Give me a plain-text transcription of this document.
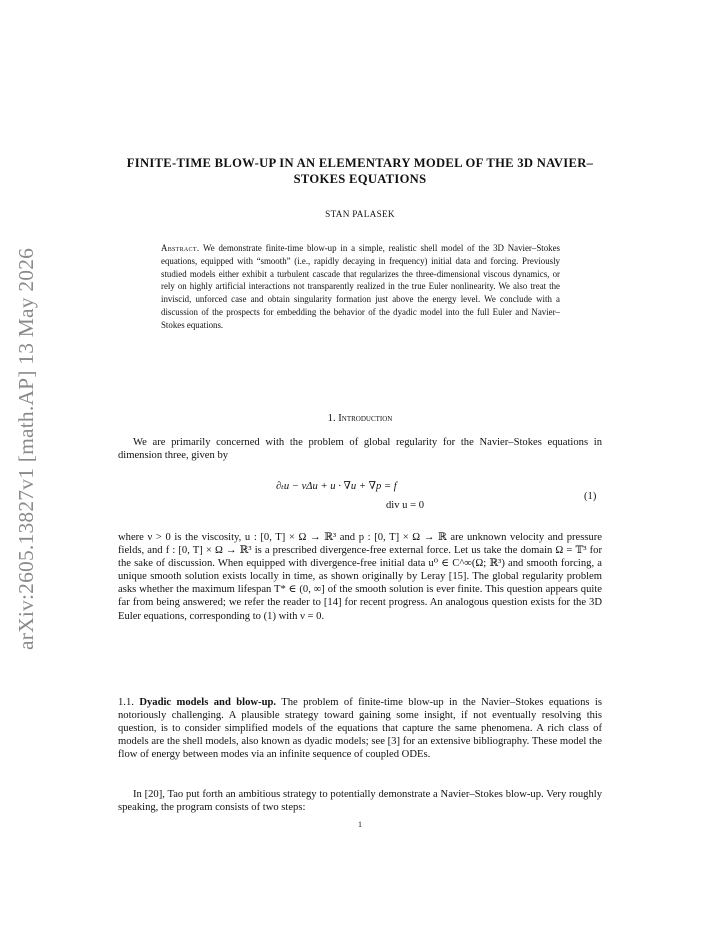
arXiv:2605.13827v1 [math.AP] 13 May 2026
FINITE-TIME BLOW-UP IN AN ELEMENTARY MODEL OF THE 3D NAVIER–STOKES EQUATIONS
STAN PALASEK
Abstract. We demonstrate finite-time blow-up in a simple, realistic shell model of the 3D Navier–Stokes equations, equipped with “smooth” (i.e., rapidly decaying in frequency) initial data and forcing. Previously studied models either exhibit a turbulent cascade that regularizes the three-dimensional viscous dynamics, or rely on highly artificial interactions not transparently realized in the true Euler nonlinearity. We also treat the inviscid, unforced case and obtain singularity formation just above the energy level. We conclude with a discussion of the prospects for embedding the behavior of the dyadic model into the full Euler and Navier–Stokes equations.
1. Introduction
We are primarily concerned with the problem of global regularity for the Navier–Stokes equations in dimension three, given by
∂ₜu − νΔu + u · ∇u + ∇p = f
div u = 0
(1)
where ν > 0 is the viscosity, u : [0, T] × Ω → ℝ³ and p : [0, T] × Ω → ℝ are unknown velocity and pressure fields, and f : [0, T] × Ω → ℝ³ is a prescribed divergence-free external force. Let us take the domain Ω = 𝕋³ for the sake of discussion. When equipped with divergence-free initial data u⁰ ∈ C^∞(Ω; ℝ³) and smooth forcing, a unique smooth solution exists locally in time, as shown originally by Leray [15]. The global regularity problem asks whether the maximum lifespan T* ∈ (0, ∞] of the smooth solution is ever finite. This question appears quite far from being answered; we refer the reader to [14] for recent progress. An analogous question exists for the 3D Euler equations, corresponding to (1) with ν = 0.
1.1. Dyadic models and blow-up. The problem of finite-time blow-up in the Navier–Stokes equations is notoriously challenging. A plausible strategy toward gaining some insight, if not eventually resolving this question, is to consider simplified models of the equations that capture the same phenomena. A rich class of models are the shell models, also known as dyadic models; see [3] for an extensive bibliography. These model the flow of energy between modes via an infinite sequence of coupled ODEs.
In [20], Tao put forth an ambitious strategy to potentially demonstrate a Navier–Stokes blow-up. Very roughly speaking, the program consists of two steps:
1
